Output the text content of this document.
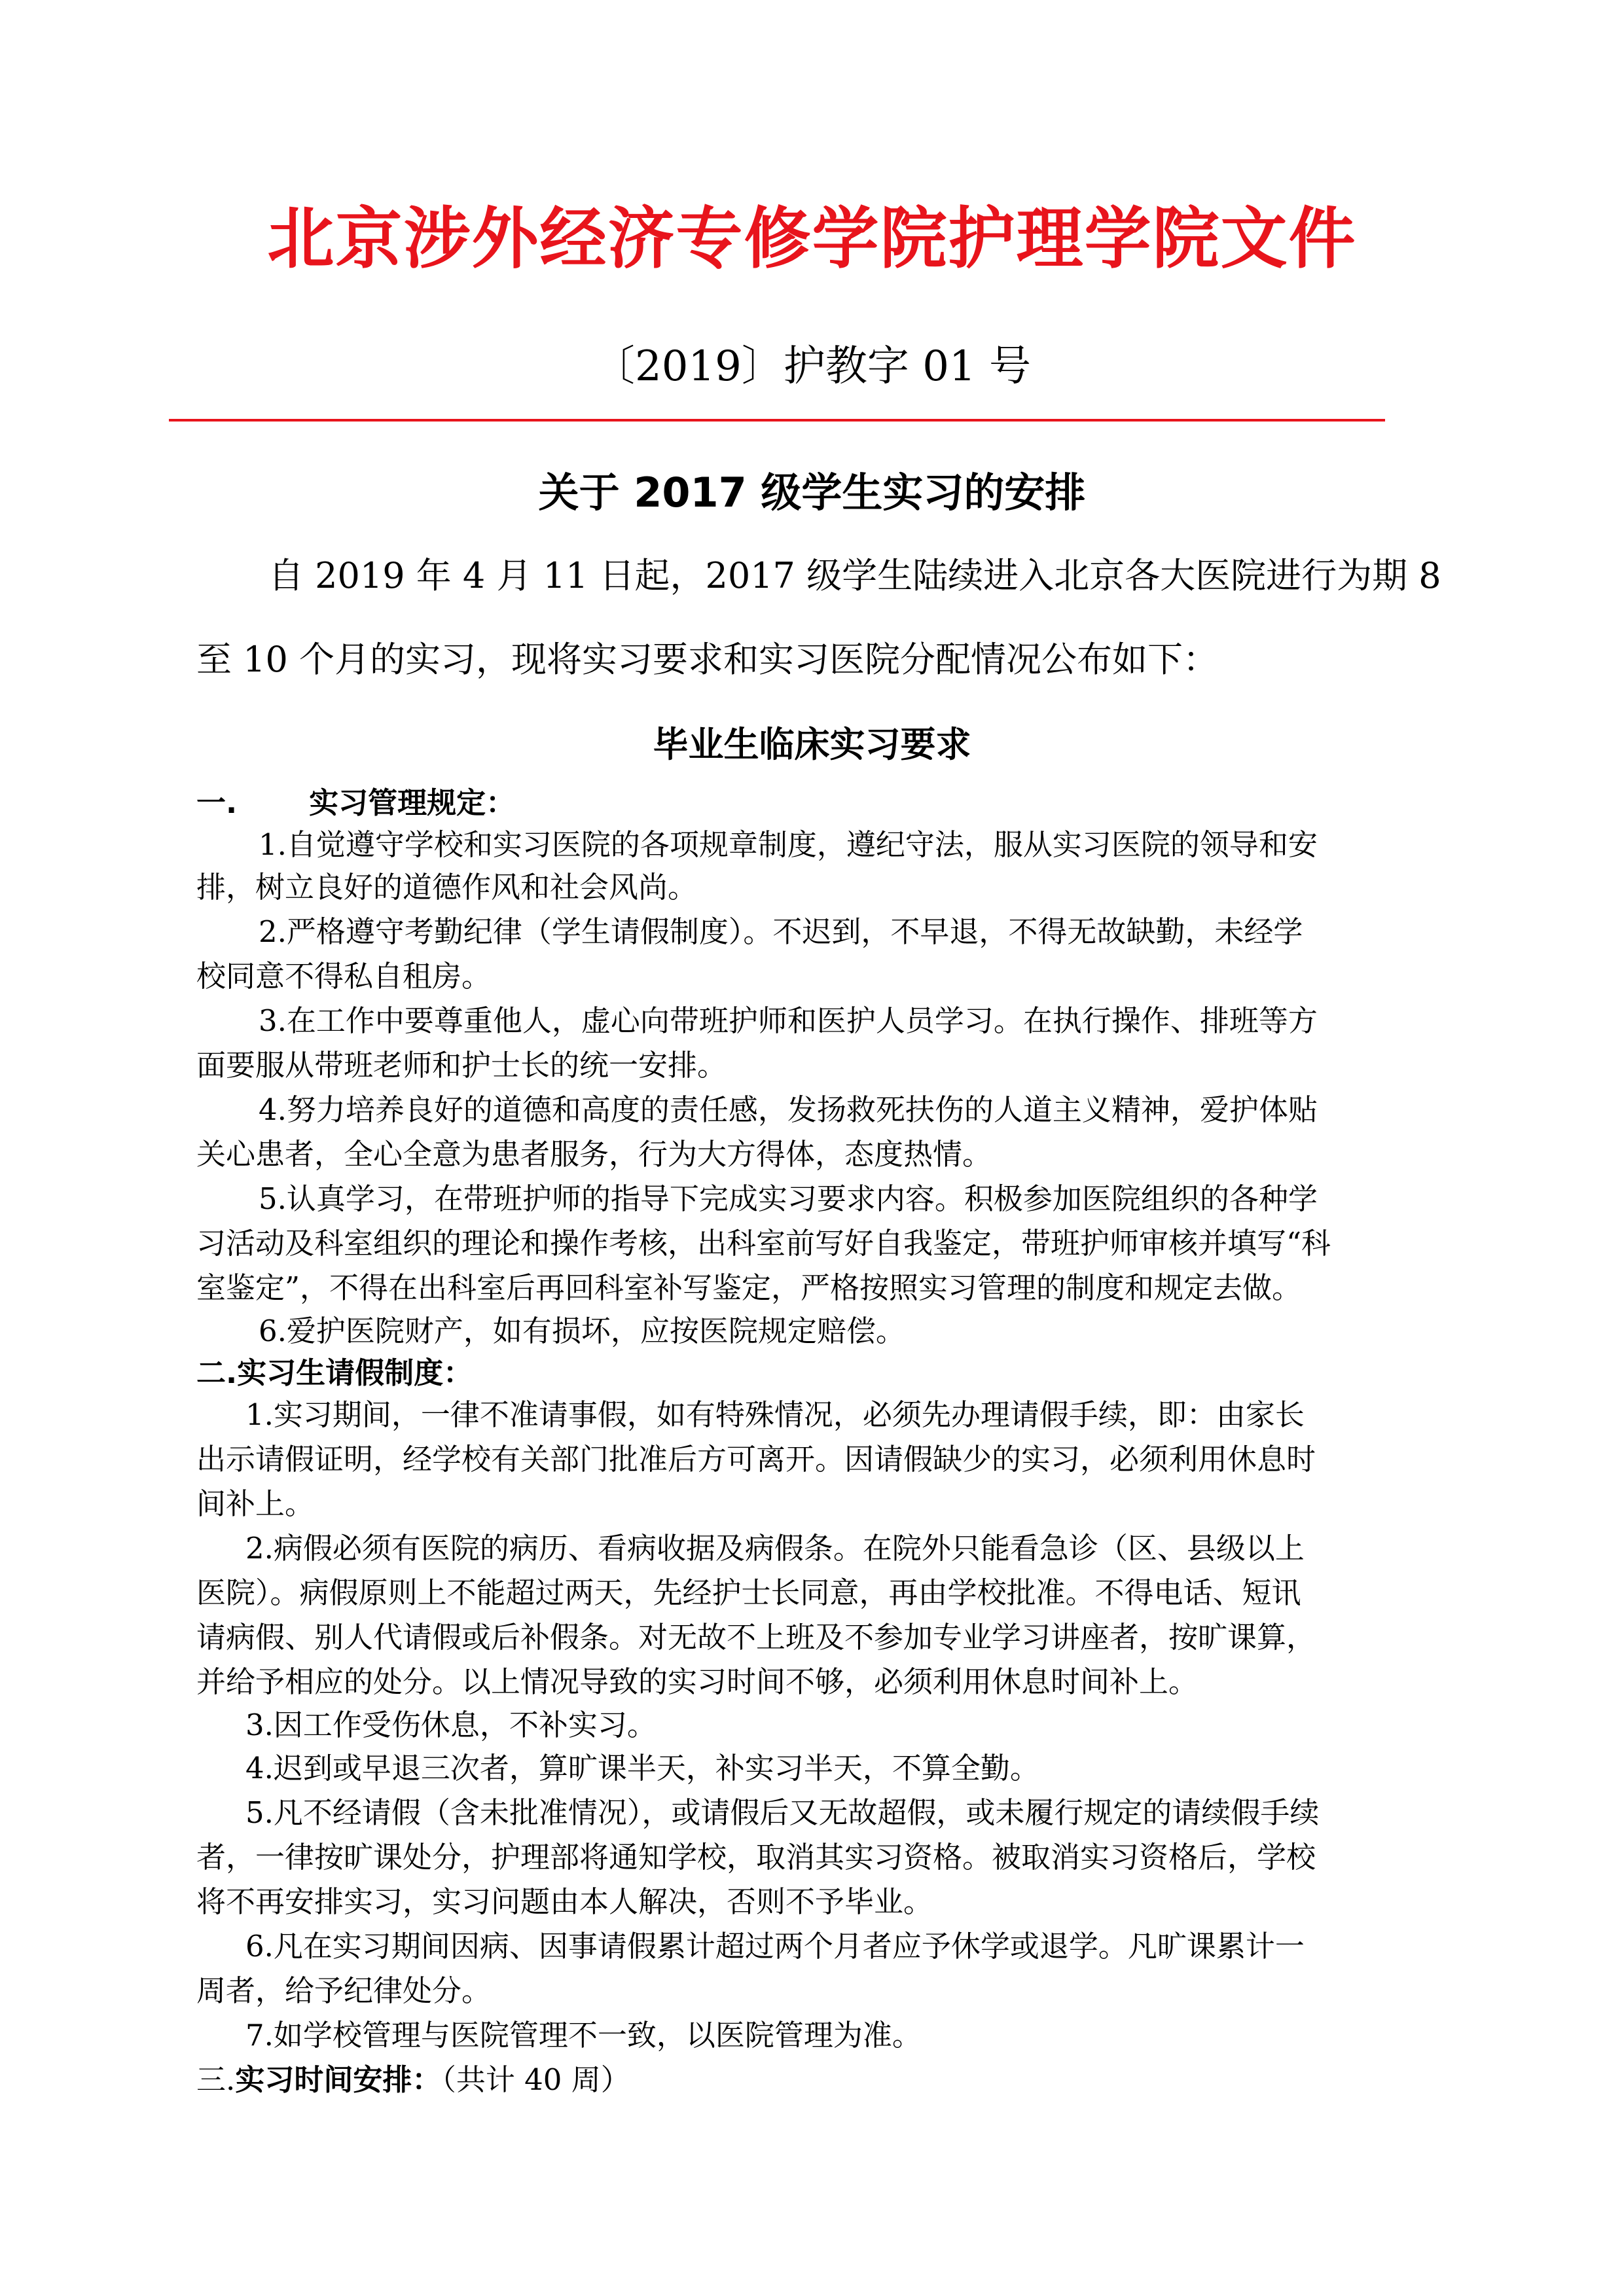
北京涉外经济专修学院护理学院文件
〔2019〕护教字 01 号
关于 2017 级学生实习的安排
自 2019 年 4 月 11 日起，2017 级学生陆续进入北京各大医院进行为期 8
至 10 个月的实习，现将实习要求和实习医院分配情况公布如下：
毕业生临床实习要求
一. 实习管理规定：
1.自觉遵守学校和实习医院的各项规章制度，遵纪守法，服从实习医院的领导和安
排，树立良好的道德作风和社会风尚。
2.严格遵守考勤纪律（学生请假制度）。不迟到，不早退，不得无故缺勤，未经学
校同意不得私自租房。
3.在工作中要尊重他人，虚心向带班护师和医护人员学习。在执行操作、排班等方
面要服从带班老师和护士长的统一安排。
4.努力培养良好的道德和高度的责任感，发扬救死扶伤的人道主义精神，爱护体贴
关心患者，全心全意为患者服务，行为大方得体，态度热情。
5.认真学习，在带班护师的指导下完成实习要求内容。积极参加医院组织的各种学
习活动及科室组织的理论和操作考核，出科室前写好自我鉴定，带班护师审核并填写“科
室鉴定”，不得在出科室后再回科室补写鉴定，严格按照实习管理的制度和规定去做。
6.爱护医院财产，如有损坏，应按医院规定赔偿。
二.实习生请假制度：
1.实习期间，一律不准请事假，如有特殊情况，必须先办理请假手续，即：由家长
出示请假证明，经学校有关部门批准后方可离开。因请假缺少的实习，必须利用休息时
间补上。
2.病假必须有医院的病历、看病收据及病假条。在院外只能看急诊（区、县级以上
医院）。病假原则上不能超过两天，先经护士长同意，再由学校批准。不得电话、短讯
请病假、别人代请假或后补假条。对无故不上班及不参加专业学习讲座者，按旷课算，
并给予相应的处分。以上情况导致的实习时间不够，必须利用休息时间补上。
3.因工作受伤休息，不补实习。
4.迟到或早退三次者，算旷课半天，补实习半天，不算全勤。
5.凡不经请假（含未批准情况），或请假后又无故超假，或未履行规定的请续假手续
者，一律按旷课处分，护理部将通知学校，取消其实习资格。被取消实习资格后，学校
将不再安排实习，实习问题由本人解决，否则不予毕业。
6.凡在实习期间因病、因事请假累计超过两个月者应予休学或退学。凡旷课累计一
周者，给予纪律处分。
7.如学校管理与医院管理不一致，以医院管理为准。
三.实习时间安排：（共计 40 周）
